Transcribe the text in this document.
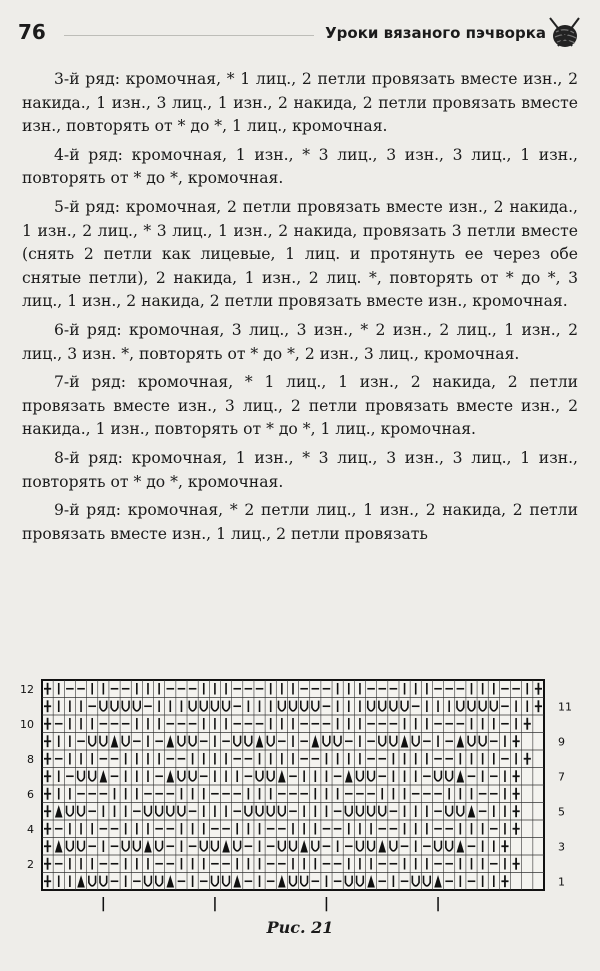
76	Уроки вязаного пэчворка

3-й ряд: кромочная, * 1 лиц., 2 петли провязать вместе изн., 2 накида., 1 изн., 3 лиц., 1 изн., 2 накида, 2 петли провязать вместе изн., повторять от * до *, 1 лиц., кромочная.

4-й ряд: кромочная, 1 изн., * 3 лиц., 3 изн., 3 лиц., 1 изн., повторять от * до *, кромочная.

5-й ряд: кромочная, 2 петли провязать вместе изн., 2 накида., 1 изн., 2 лиц., * 3 лиц., 1 изн., 2 накида, провязать 3 петли вместе (снять 2 петли как лицевые, 1 лиц. и протянуть ее через обе снятые петли), 2 накида, 1 изн., 2 лиц. *, повторять от * до *, 3 лиц., 1 изн., 2 накида, 2 петли провязать вместе изн., кромочная.

6-й ряд: кромочная, 3 лиц., 3 изн., * 2 изн., 2 лиц., 1 изн., 2 лиц., 3 изн. *, повторять от * до *, 2 изн., 3 лиц., кромочная.

7-й ряд: кромочная, * 1 лиц., 1 изн., 2 накида, 2 петли провязать вместе изн., 3 лиц., 2 петли провязать вместе изн., 2 накида., 1 изн., повторять от * до *, 1 лиц., кромочная.

8-й ряд: кромочная, 1 изн., * 3 лиц., 3 изн., 3 лиц., 1 изн., повторять от * до *, кромочная.

9-й ряд: кромочная, * 2 петли лиц., 1 изн., 2 накида, 2 петли провязать вместе изн., 1 лиц., 2 петли провязать

12
10
8
6
4
2
11
9
7
5
3
1
|	|	|	|
Рис. 21
